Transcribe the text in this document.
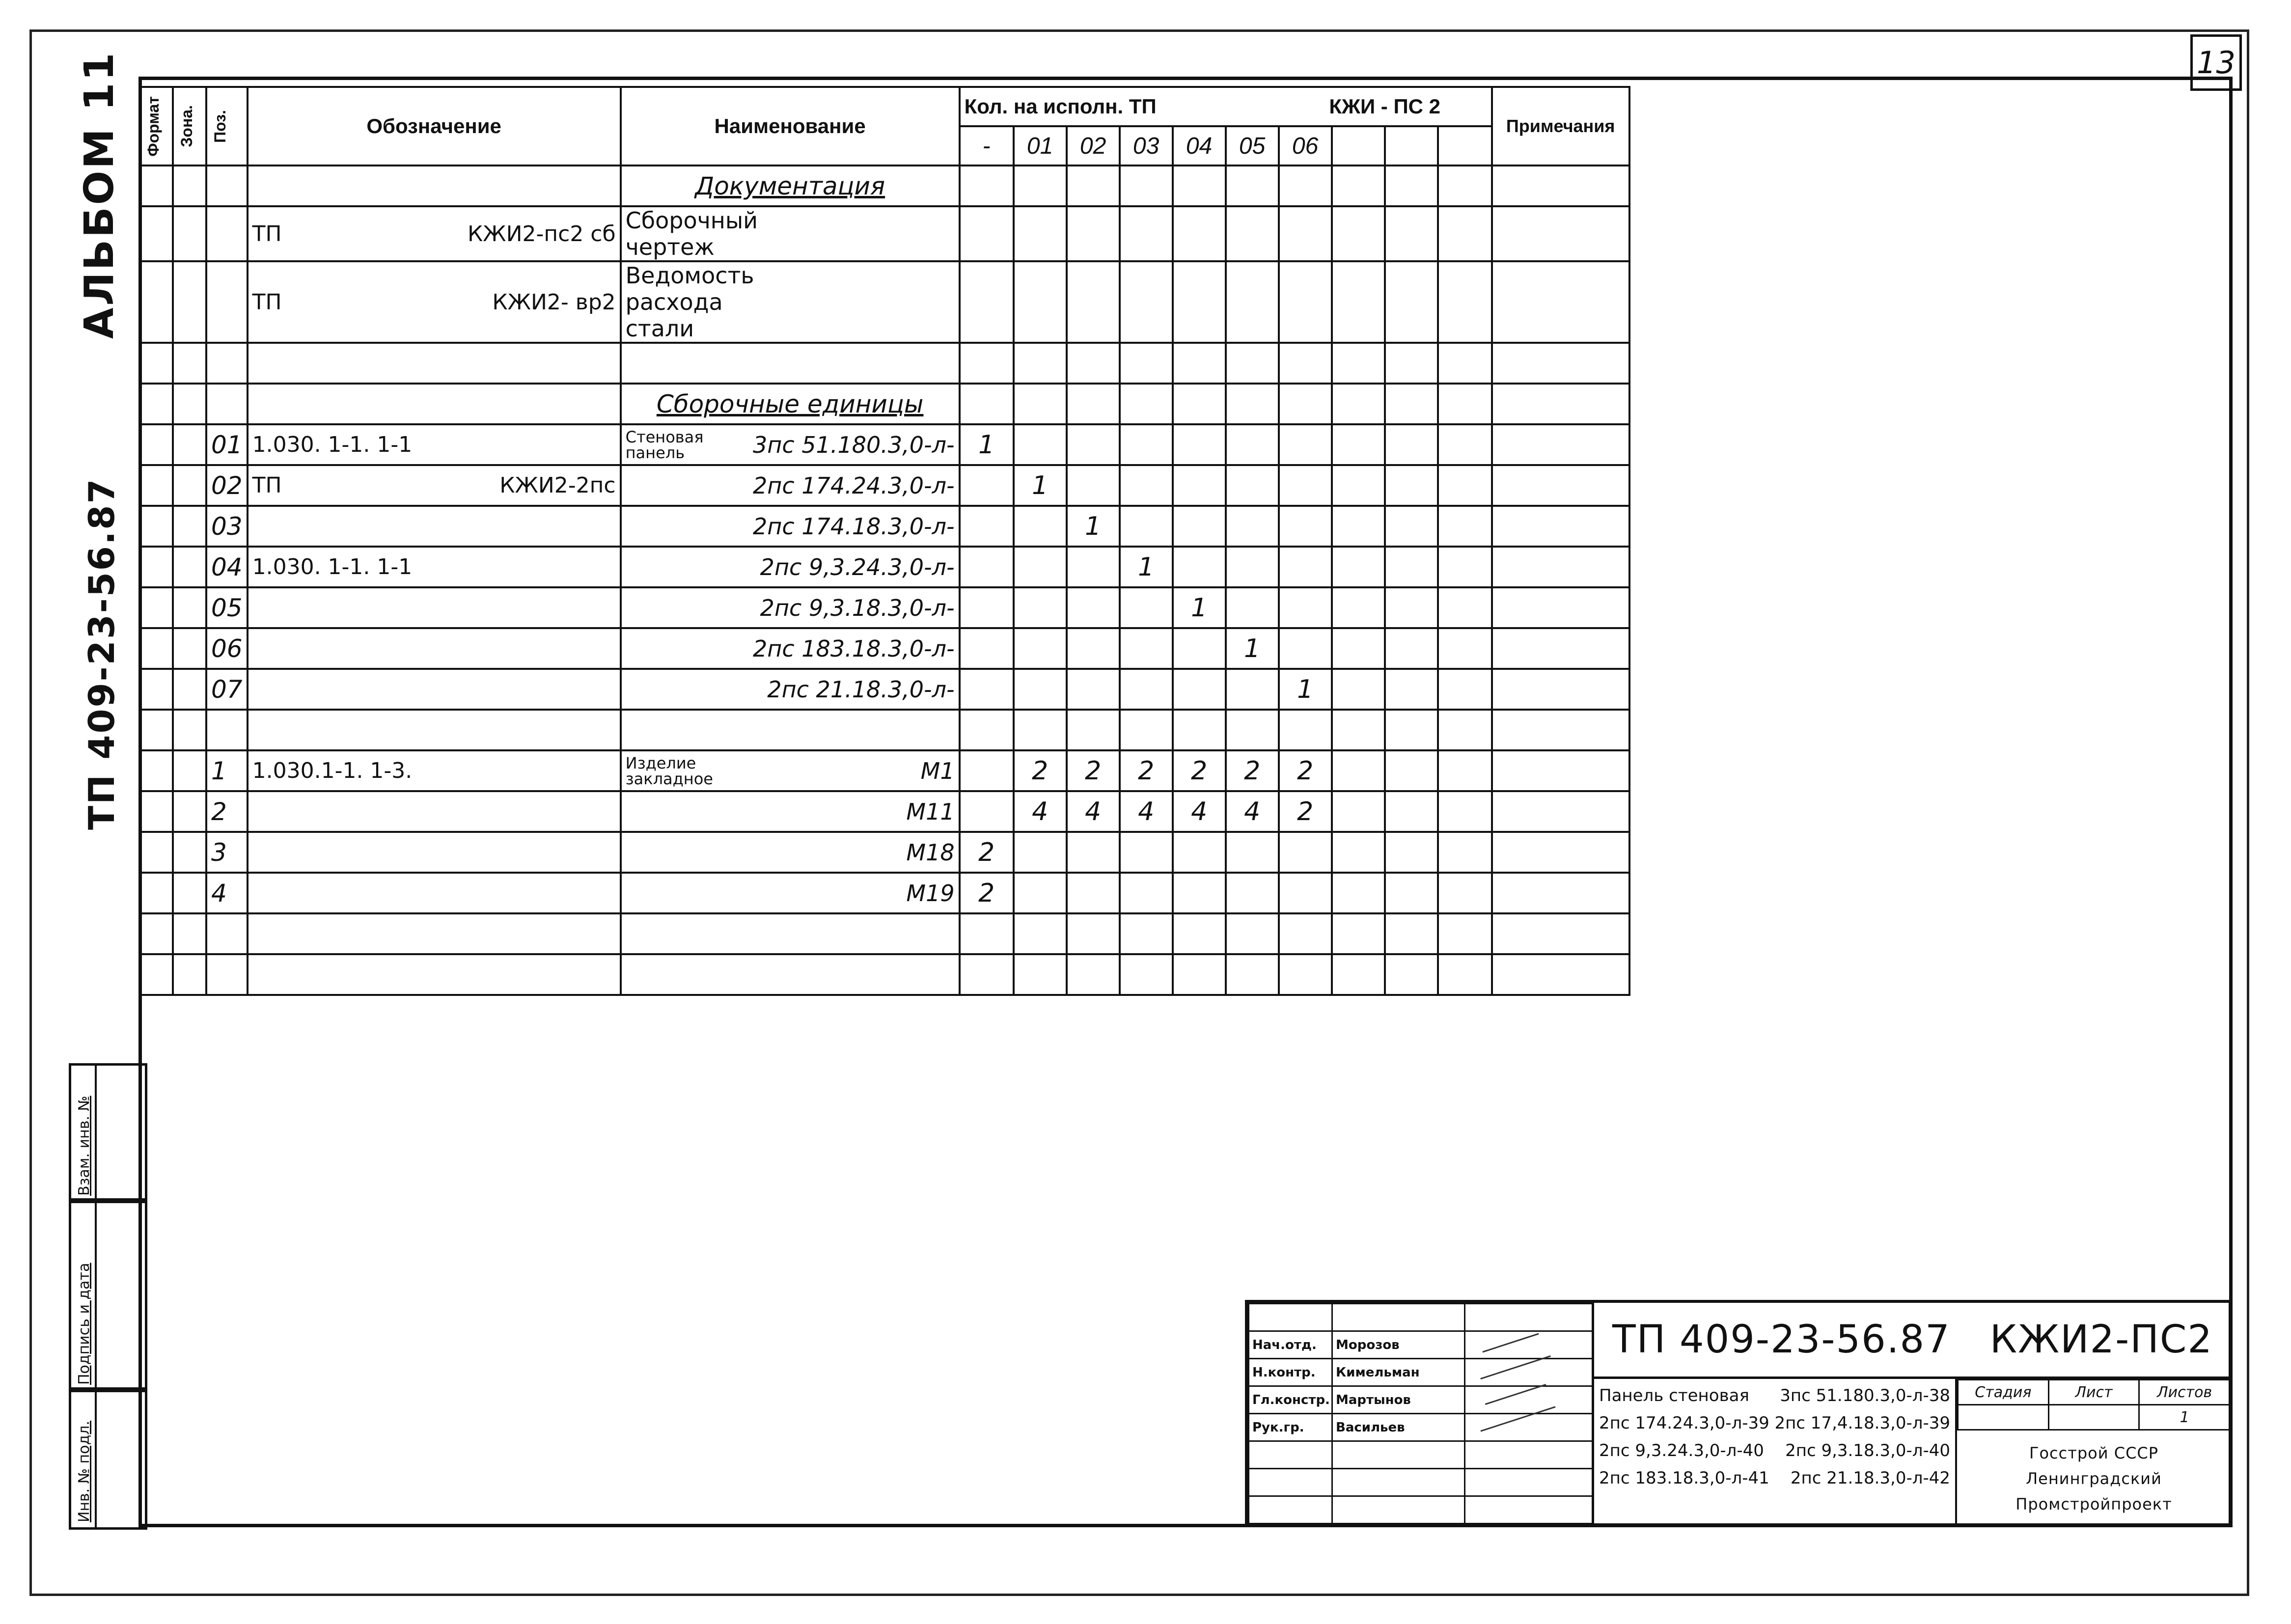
13
АЛЬБОМ 11
ТП 409-23-56.87
Формат	Зона.	Поз.	Обозначение	Наименование	Кол. на исполн. ТП КЖИ - ПС 2										Примечания
					-	01	02	03	04	05	06				

	Документация											

			ТП КЖИ2-пс2 сб	Сборочный чертеж											

			ТП КЖИ2- вр2	Ведомость расхода стали											

	Сборочные единицы											
		01	1.030. 1-1. 1-1	Стеновая панель 3пс 51.180.3,0-л-	1										
		02	ТП КЖИ2-2пс	2пс 174.24.3,0-л-		1									
		03		2пс 174.18.3,0-л-			1								
		04	1.030. 1-1. 1-1	2пс 9,3.24.3,0-л-				1							
		05		2пс 9,3.18.3,0-л-					1						
		06		2пс 183.18.3,0-л-						1					
		07		2пс 21.18.3,0-л-							1				

		1	1.030.1-1. 1-3.	Изделие закладное М1		2	2	2	2	2	2				
		2		М11		4	4	4	4	4	2				
		3		М18	2										
		4		М19	2										

Взам. инв. №
Подпись и дата
Инв. № подл.

Нач.отд.	Морозов	
Н.контр.	Кимельман	
Гл.констр.	Мартынов	
Рук.гр.	Васильев	

ТП 409-23-56.87 КЖИ2-ПС2
Панель стеновая 3пс 51.180.3,0-л-38
2пс 174.24.3,0-л-39 2пс 17,4.18.3,0-л-39
2пс 9,3.24.3,0-л-40 2пс 9,3.18.3,0-л-40
2пс 183.18.3,0-л-41 2пс 21.18.3,0-л-42
Стадия	Лист	Листов
		1
Госстрой СССР
Ленинградский
Промстройпроект
